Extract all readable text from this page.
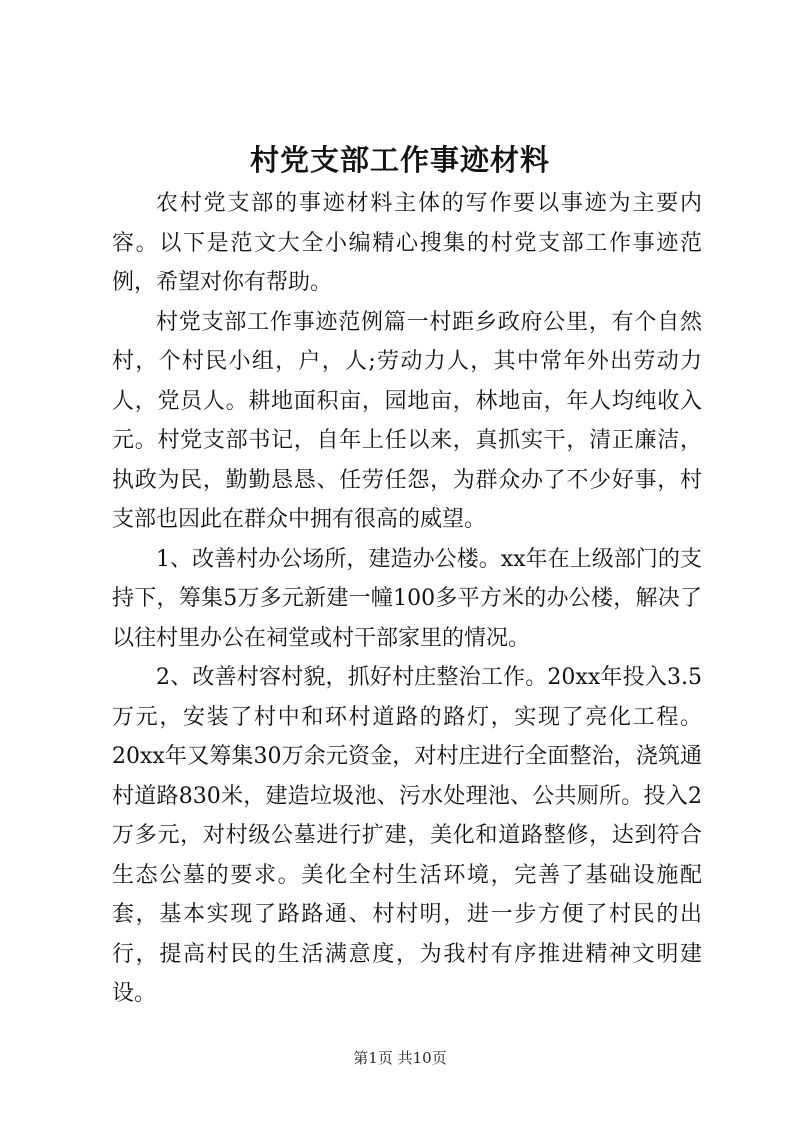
村党支部工作事迹材料

农村党支部的事迹材料主体的写作要以事迹为主要内容。以下是范文大全小编精心搜集的村党支部工作事迹范例，希望对你有帮助。

村党支部工作事迹范例篇一村距乡政府公里，有个自然村，个村民小组，户，人;劳动力人，其中常年外出劳动力人，党员人。耕地面积亩，园地亩，林地亩，年人均纯收入元。村党支部书记，自年上任以来，真抓实干，清正廉洁，执政为民，勤勤恳恳、任劳任怨，为群众办了不少好事，村支部也因此在群众中拥有很高的威望。

1、改善村办公场所，建造办公楼。xx年在上级部门的支持下，筹集5万多元新建一幢100多平方米的办公楼，解决了以往村里办公在祠堂或村干部家里的情况。

2、改善村容村貌，抓好村庄整治工作。20xx年投入3.5万元，安装了村中和环村道路的路灯，实现了亮化工程。20xx年又筹集30万余元资金，对村庄进行全面整治，浇筑通村道路830米，建造垃圾池、污水处理池、公共厕所。投入2万多元，对村级公墓进行扩建，美化和道路整修，达到符合生态公墓的要求。美化全村生活环境，完善了基础设施配套，基本实现了路路通、村村明，进一步方便了村民的出行，提高村民的生活满意度，为我村有序推进精神文明建设。

第1页 共10页
